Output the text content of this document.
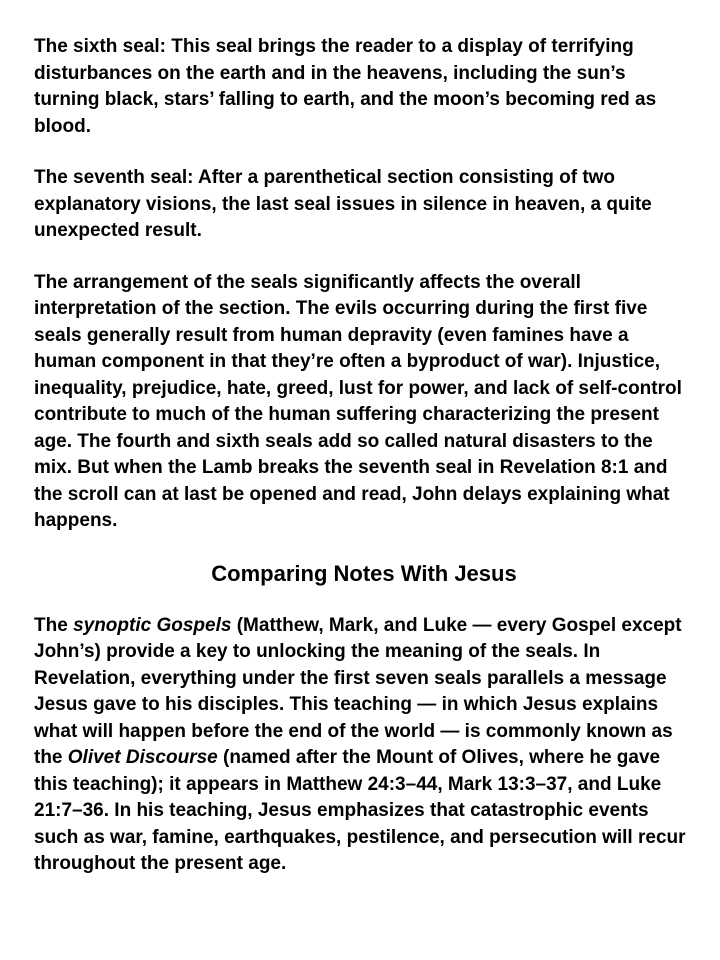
The sixth seal: This seal brings the reader to a display of terrifying disturbances on the earth and in the heavens, including the sun’s turning black, stars’ falling to earth, and the moon’s becoming red as blood.

The seventh seal: After a parenthetical section consisting of two explanatory visions, the last seal issues in silence in heaven, a quite unexpected result.

The arrangement of the seals significantly affects the overall interpretation of the section. The evils occurring during the first five seals generally result from human depravity (even famines have a human component in that they’re often a byproduct of war). Injustice, inequality, prejudice, hate, greed, lust for power, and lack of self-control contribute to much of the human suffering characterizing the present age. The fourth and sixth seals add so called natural disasters to the mix. But when the Lamb breaks the seventh seal in Revelation 8:1 and the scroll can at last be opened and read, John delays explaining what happens.

Comparing Notes With Jesus

The synoptic Gospels (Matthew, Mark, and Luke — every Gospel except John’s) provide a key to unlocking the meaning of the seals. In Revelation, everything under the first seven seals parallels a message Jesus gave to his disciples. This teaching — in which Jesus explains what will happen before the end of the world — is commonly known as the Olivet Discourse (named after the Mount of Olives, where he gave this teaching); it appears in Matthew 24:3–44, Mark 13:3–37, and Luke 21:7–36. In his teaching, Jesus emphasizes that catastrophic events such as war, famine, earthquakes, pestilence, and persecution will recur throughout the present age.
